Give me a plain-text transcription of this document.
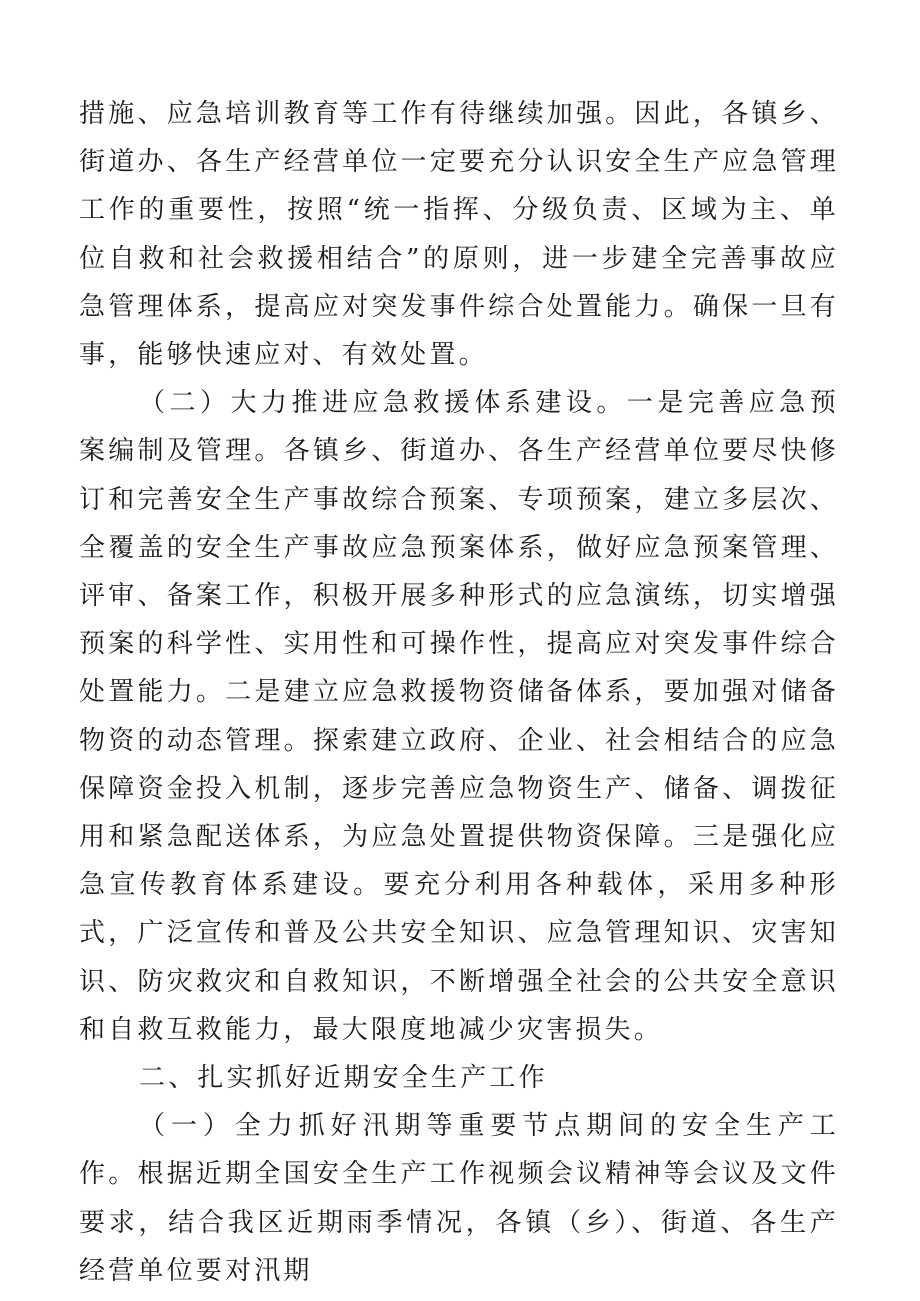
措施、应急培训教育等工作有待继续加强。因此，各镇乡、街道办、各生产经营单位一定要充分认识安全生产应急管理工作的重要性，按照“统一指挥、分级负责、区域为主、单位自救和社会救援相结合”的原则，进一步建全完善事故应急管理体系，提高应对突发事件综合处置能力。确保一旦有事，能够快速应对、有效处置。

（二）大力推进应急救援体系建设。一是完善应急预案编制及管理。各镇乡、街道办、各生产经营单位要尽快修订和完善安全生产事故综合预案、专项预案，建立多层次、全覆盖的安全生产事故应急预案体系，做好应急预案管理、评审、备案工作，积极开展多种形式的应急演练，切实增强预案的科学性、实用性和可操作性，提高应对突发事件综合处置能力。二是建立应急救援物资储备体系，要加强对储备物资的动态管理。探索建立政府、企业、社会相结合的应急保障资金投入机制，逐步完善应急物资生产、储备、调拨征用和紧急配送体系，为应急处置提供物资保障。三是强化应急宣传教育体系建设。要充分利用各种载体，采用多种形式，广泛宣传和普及公共安全知识、应急管理知识、灾害知识、防灾救灾和自救知识，不断增强全社会的公共安全意识和自救互救能力，最大限度地减少灾害损失。

二、扎实抓好近期安全生产工作

（一）全力抓好汛期等重要节点期间的安全生产工作。根据近期全国安全生产工作视频会议精神等会议及文件要求，结合我区近期雨季情况，各镇（乡）、街道、各生产经营单位要对汛期
